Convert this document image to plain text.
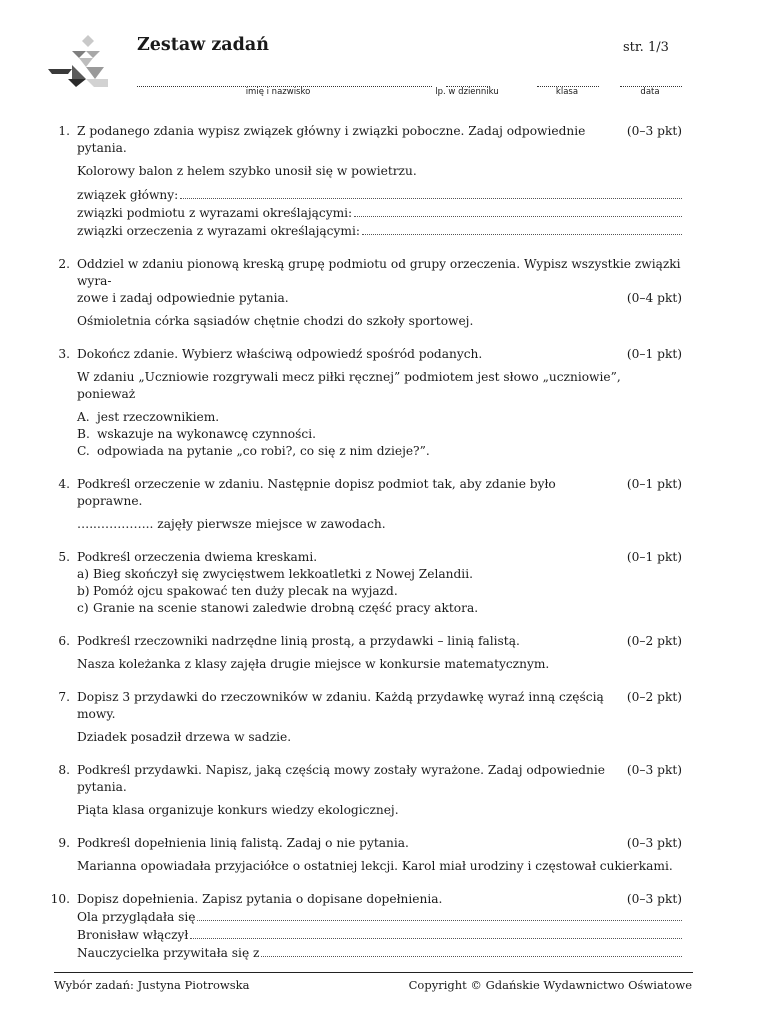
Zestaw zadań	str. 1/3
imię i nazwisko	lp. w dzienniku	klasa	data
1. Z podanego zdania wypisz związek główny i związki poboczne. Zadaj odpowiednie pytania.
(0–3 pkt)
Kolorowy balon z helem szybko unosił się w powietrzu.
związek główny:
związki podmiotu z wyrazami określającymi:
związki orzeczenia z wyrazami określającymi:
2. Oddziel w zdaniu pionową kreską grupę podmiotu od grupy orzeczenia. Wypisz wszystkie związki wyra-
zowe i zadaj odpowiednie pytania.	(0–4 pkt)
Ośmioletnia córka sąsiadów chętnie chodzi do szkoły sportowej.
3. Dokończ zdanie. Wybierz właściwą odpowiedź spośród podanych.	(0–1 pkt)
W zdaniu „Uczniowie rozgrywali mecz piłki ręcznej” podmiotem jest słowo „uczniowie”, ponieważ
A. jest rzeczownikiem.
B. wskazuje na wykonawcę czynności.
C. odpowiada na pytanie „co robi?, co się z nim dzieje?”.
4. Podkreśl orzeczenie w zdaniu. Następnie dopisz podmiot tak, aby zdanie było poprawne.
(0–1 pkt)
…..………….. zajęły pierwsze miejsce w zawodach.
5. Podkreśl orzeczenia dwiema kreskami.	(0–1 pkt)
a) Bieg skończył się zwycięstwem lekkoatletki z Nowej Zelandii.
b) Pomóż ojcu spakować ten duży plecak na wyjazd.
c) Granie na scenie stanowi zaledwie drobną część pracy aktora.
6. Podkreśl rzeczowniki nadrzędne linią prostą, a przydawki – linią falistą.	(0–2 pkt)
Nasza koleżanka z klasy zajęła drugie miejsce w konkursie matematycznym.
7. Dopisz 3 przydawki do rzeczowników w zdaniu. Każdą przydawkę wyraź inną częścią mowy.
(0–2 pkt)
Dziadek posadził drzewa w sadzie.
8. Podkreśl przydawki. Napisz, jaką częścią mowy zostały wyrażone. Zadaj odpowiednie pytania.
(0–3 pkt)
Piąta klasa organizuje konkurs wiedzy ekologicznej.
9. Podkreśl dopełnienia linią falistą. Zadaj o nie pytania.	(0–3 pkt)
Marianna opowiadała przyjaciółce o ostatniej lekcji. Karol miał urodziny i częstował cukierkami.
10. Dopisz dopełnienia. Zapisz pytania o dopisane dopełnienia.	(0–3 pkt)
Ola przyglądała się
Bronisław włączył
Nauczycielka przywitała się z
Wybór zadań: Justyna Piotrowska	Copyright © Gdańskie Wydawnictwo Oświatowe
